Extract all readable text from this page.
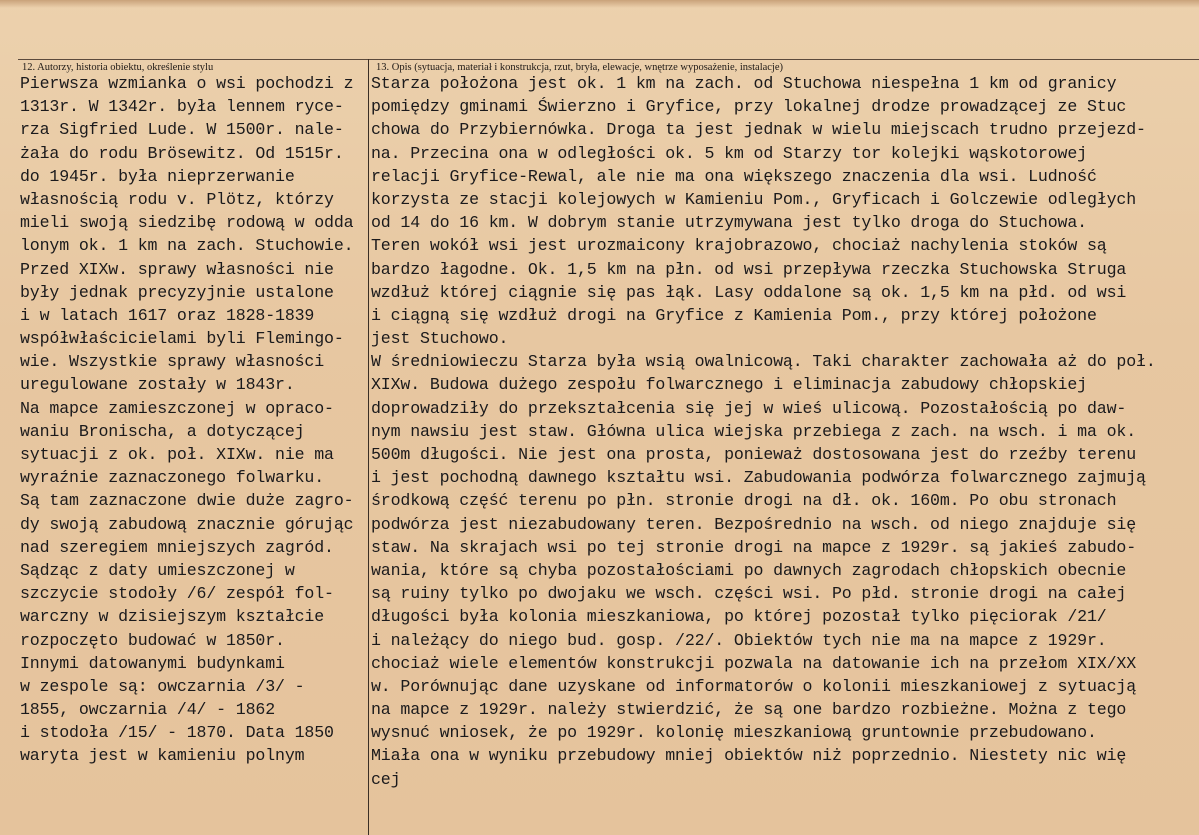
12. Autorzy, historia obiektu, określenie stylu	13. Opis (sytuacja, materiał i konstrukcja, rzut, bryła, elewacje, wnętrze wyposażenie, instalacje)
Pierwsza wzmianka o wsi pochodzi z
1313r. W 1342r. była lennem ryce-
rza Sigfried Lude. W 1500r. nale-
żała do rodu Brösewitz. Od 1515r.
do 1945r. była nieprzerwanie
własnością rodu v. Plötz, którzy
mieli swoją siedzibę rodową w odda
lonym ok. 1 km na zach. Stuchowie.
Przed XIXw. sprawy własności nie
były jednak precyzyjnie ustalone
i w latach 1617 oraz 1828-1839
współwłaścicielami byli Flemingo-
wie. Wszystkie sprawy własności
uregulowane zostały w 1843r.
Na mapce zamieszczonej w opraco-
waniu Bronischa, a dotyczącej
sytuacji z ok. poł. XIXw. nie ma
wyraźnie zaznaczonego folwarku.
Są tam zaznaczone dwie duże zagro-
dy swoją zabudową znacznie górując
nad szeregiem mniejszych zagród.
Sądząc z daty umieszczonej w
szczycie stodoły /6/ zespół fol-
warczny w dzisiejszym kształcie
rozpoczęto budować w 1850r.
Innymi datowanymi budynkami
w zespole są: owczarnia /3/ -
1855, owczarnia /4/ - 1862
i stodoła /15/ - 1870. Data 1850
waryta jest w kamieniu polnym
Starza położona jest ok. 1 km na zach. od Stuchowa niespełna 1 km od granicy
pomiędzy gminami Świerzno i Gryfice, przy lokalnej drodze prowadzącej ze Stuc
chowa do Przybiernówka. Droga ta jest jednak w wielu miejscach trudno przejezd-
na. Przecina ona w odległości ok. 5 km od Starzy tor kolejki wąskotorowej
relacji Gryfice-Rewal, ale nie ma ona większego znaczenia dla wsi. Ludność
korzysta ze stacji kolejowych w Kamieniu Pom., Gryficach i Golczewie odległych
od 14 do 16 km. W dobrym stanie utrzymywana jest tylko droga do Stuchowa.
Teren wokół wsi jest urozmaicony krajobrazowo, chociaż nachylenia stoków są
bardzo łagodne. Ok. 1,5 km na płn. od wsi przepływa rzeczka Stuchowska Struga
wzdłuż której ciągnie się pas łąk. Lasy oddalone są ok. 1,5 km na płd. od wsi
i ciągną się wzdłuż drogi na Gryfice z Kamienia Pom., przy której położone
jest Stuchowo.
W średniowieczu Starza była wsią owalnicową. Taki charakter zachowała aż do poł.
XIXw. Budowa dużego zespołu folwarcznego i eliminacja zabudowy chłopskiej
doprowadziły do przekształcenia się jej w wieś ulicową. Pozostałością po daw-
nym nawsiu jest staw. Główna ulica wiejska przebiega z zach. na wsch. i ma ok.
500m długości. Nie jest ona prosta, ponieważ dostosowana jest do rzeźby terenu
i jest pochodną dawnego kształtu wsi. Zabudowania podwórza folwarcznego zajmują
środkową część terenu po płn. stronie drogi na dł. ok. 160m. Po obu stronach
podwórza jest niezabudowany teren. Bezpośrednio na wsch. od niego znajduje się
staw. Na skrajach wsi po tej stronie drogi na mapce z 1929r. są jakieś zabudo-
wania, które są chyba pozostałościami po dawnych zagrodach chłopskich obecnie
są ruiny tylko po dwojaku we wsch. części wsi. Po płd. stronie drogi na całej
długości była kolonia mieszkaniowa, po której pozostał tylko pięciorak /21/
i należący do niego bud. gosp. /22/. Obiektów tych nie ma na mapce z 1929r.
chociaż wiele elementów konstrukcji pozwala na datowanie ich na przełom XIX/XX
w. Porównując dane uzyskane od informatorów o kolonii mieszkaniowej z sytuacją
na mapce z 1929r. należy stwierdzić, że są one bardzo rozbieżne. Można z tego
wysnuć wniosek, że po 1929r. kolonię mieszkaniową gruntownie przebudowano.
Miała ona w wyniku przebudowy mniej obiektów niż poprzednio. Niestety nic wię
cej
